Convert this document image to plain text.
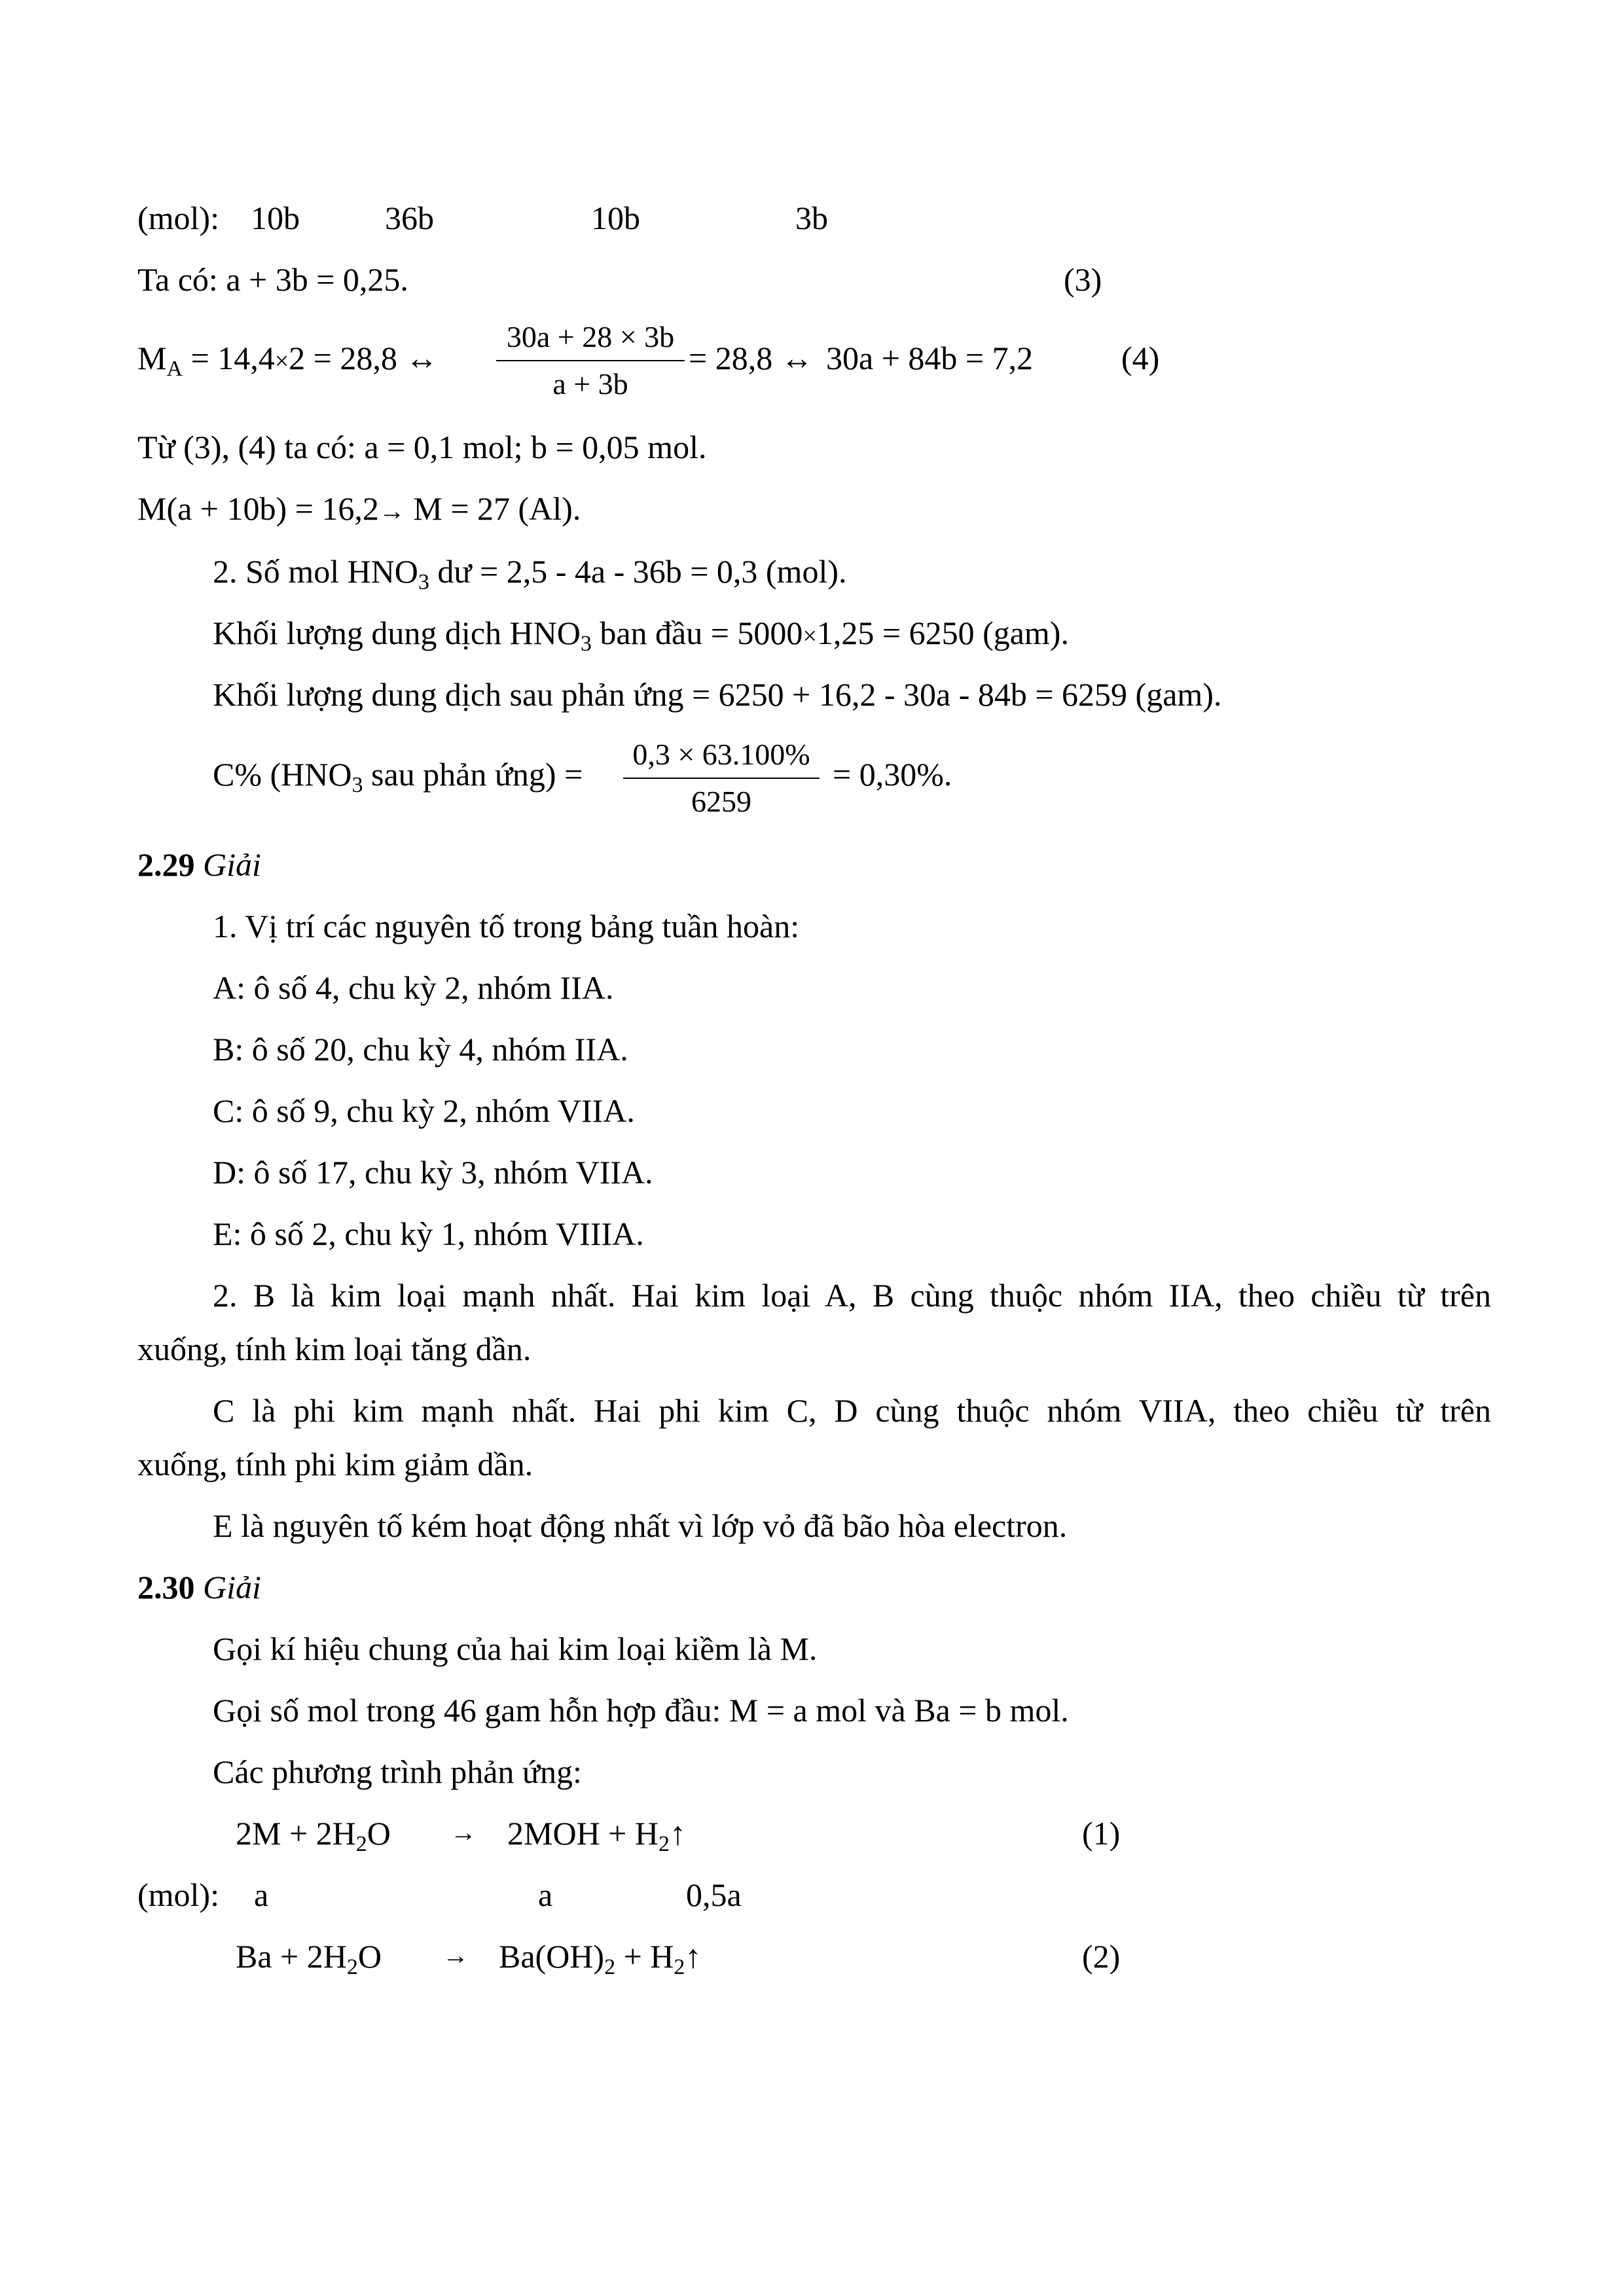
(mol): 10b	36b	10b	3b
Ta có: a + 3b = 0,25.	(3)
$M_A = 14,4\times 2 = 28,8$ ↔
30a + 28 × 3b
a + 3b
= 28,8 ↔ 30a + 84b = 7,2	(4)
Từ (3), (4) ta có: a = 0,1 mol; b = 0,05 mol.
M(a + 10b) = 16,2→ M = 27 (Al).
2. Số mol $HNO_3$ dư = 2,5 - 4a - 36b = 0,3 (mol).
Khối lượng dung dịch $HNO_3$ ban đầu = 5000×1,25 = 6250 (gam).
Khối lượng dung dịch sau phản ứng = 6250 + 16,2 - 30a - 84b = 6259 (gam).
C% ($HNO_3$ sau phản ứng) =
0,3 × 63.100%
6259
= 0,30%.
2.29 Giải
1. Vị trí các nguyên tố trong bảng tuần hoàn:
A: ô số 4, chu kỳ 2, nhóm IIA.
B: ô số 20, chu kỳ 4, nhóm IIA.
C: ô số 9, chu kỳ 2, nhóm VIIA.
D: ô số 17, chu kỳ 3, nhóm VIIA.
E: ô số 2, chu kỳ 1, nhóm VIIIA.
2. B là kim loại mạnh nhất. Hai kim loại A, B cùng thuộc nhóm IIA, theo chiều từ trên
xuống, tính kim loại tăng dần.
C là phi kim mạnh nhất. Hai phi kim C, D cùng thuộc nhóm VIIA, theo chiều từ trên
xuống, tính phi kim giảm dần.
E là nguyên tố kém hoạt động nhất vì lớp vỏ đã bão hòa electron.
2.30 Giải
Gọi kí hiệu chung của hai kim loại kiềm là M.
Gọi số mol trong 46 gam hỗn hợp đầu: M = a mol và Ba = b mol.
Các phương trình phản ứng:
$2M + 2H_2O \to 2MOH$ + $H_2↑$	(1)
(mol): a	a	0,5a
$Ba + 2H_2O \to Ba(OH)_2$ + $H_2↑$	(2)
